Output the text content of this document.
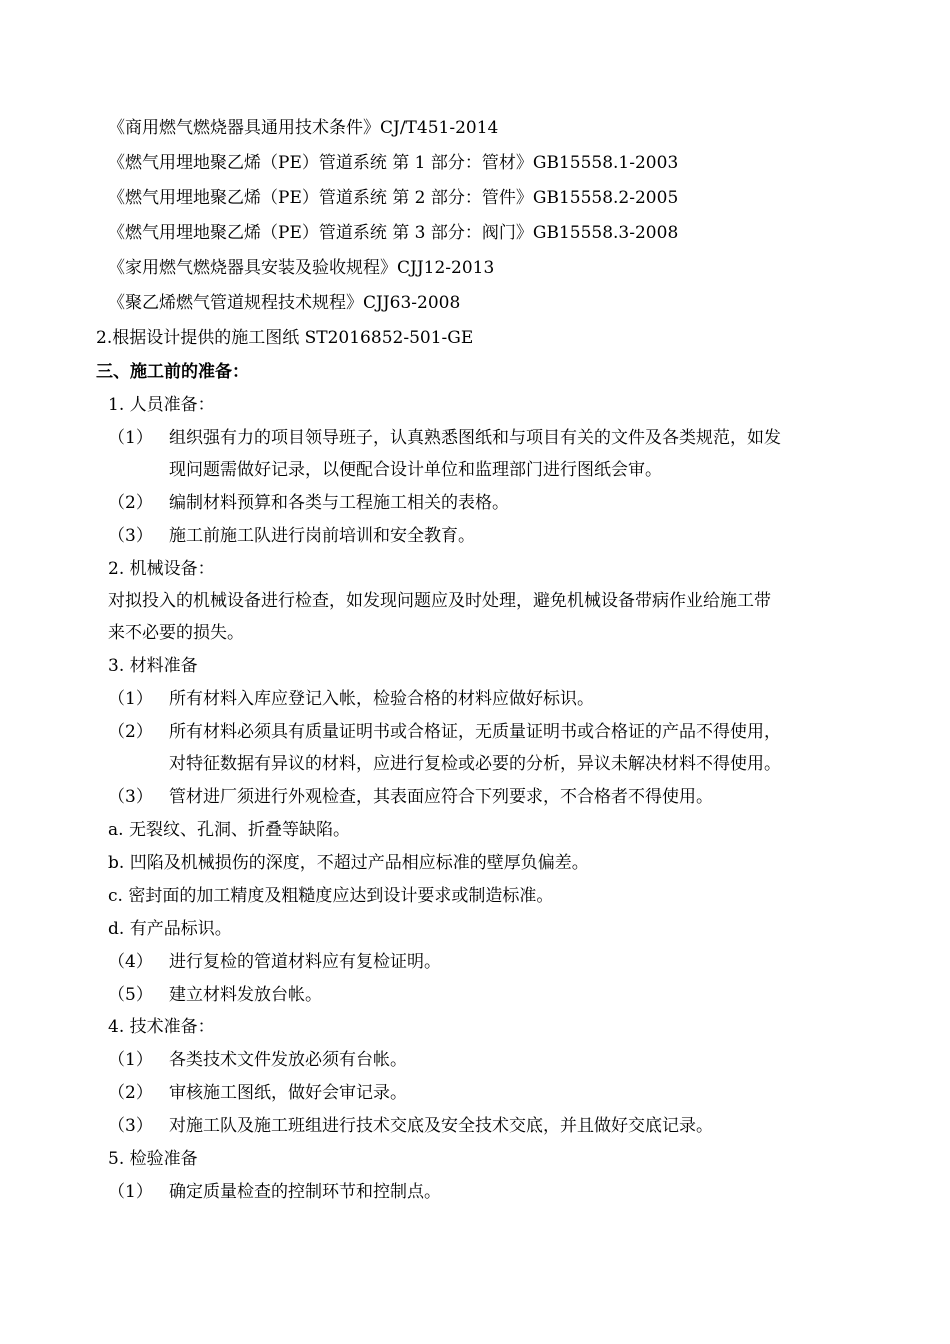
《商用燃气燃烧器具通用技术条件》CJ/T451-2014
《燃气用埋地聚乙烯（PE）管道系统 第 1 部分：管材》GB15558.1-2003
《燃气用埋地聚乙烯（PE）管道系统 第 2 部分：管件》GB15558.2-2005
《燃气用埋地聚乙烯（PE）管道系统 第 3 部分：阀门》GB15558.3-2008
《家用燃气燃烧器具安装及验收规程》CJJ12-2013
《聚乙烯燃气管道规程技术规程》CJJ63-2008
2.根据设计提供的施工图纸 ST2016852-501-GE
三、施工前的准备：
1. 人员准备：
（1） 组织强有力的项目领导班子，认真熟悉图纸和与项目有关的文件及各类规范，如发
现问题需做好记录，以便配合设计单位和监理部门进行图纸会审。
（2） 编制材料预算和各类与工程施工相关的表格。
（3） 施工前施工队进行岗前培训和安全教育。
2. 机械设备：
对拟投入的机械设备进行检查，如发现问题应及时处理，避免机械设备带病作业给施工带
来不必要的损失。
3. 材料准备
（1） 所有材料入库应登记入帐，检验合格的材料应做好标识。
（2） 所有材料必须具有质量证明书或合格证，无质量证明书或合格证的产品不得使用，
对特征数据有异议的材料，应进行复检或必要的分析，异议未解决材料不得使用。
（3） 管材进厂须进行外观检查，其表面应符合下列要求，不合格者不得使用。
a. 无裂纹、孔洞、折叠等缺陷。
b. 凹陷及机械损伤的深度，不超过产品相应标准的壁厚负偏差。
c. 密封面的加工精度及粗糙度应达到设计要求或制造标准。
d. 有产品标识。
（4） 进行复检的管道材料应有复检证明。
（5） 建立材料发放台帐。
4. 技术准备：
（1） 各类技术文件发放必须有台帐。
（2） 审核施工图纸，做好会审记录。
（3） 对施工队及施工班组进行技术交底及安全技术交底，并且做好交底记录。
5. 检验准备
（1） 确定质量检查的控制环节和控制点。
